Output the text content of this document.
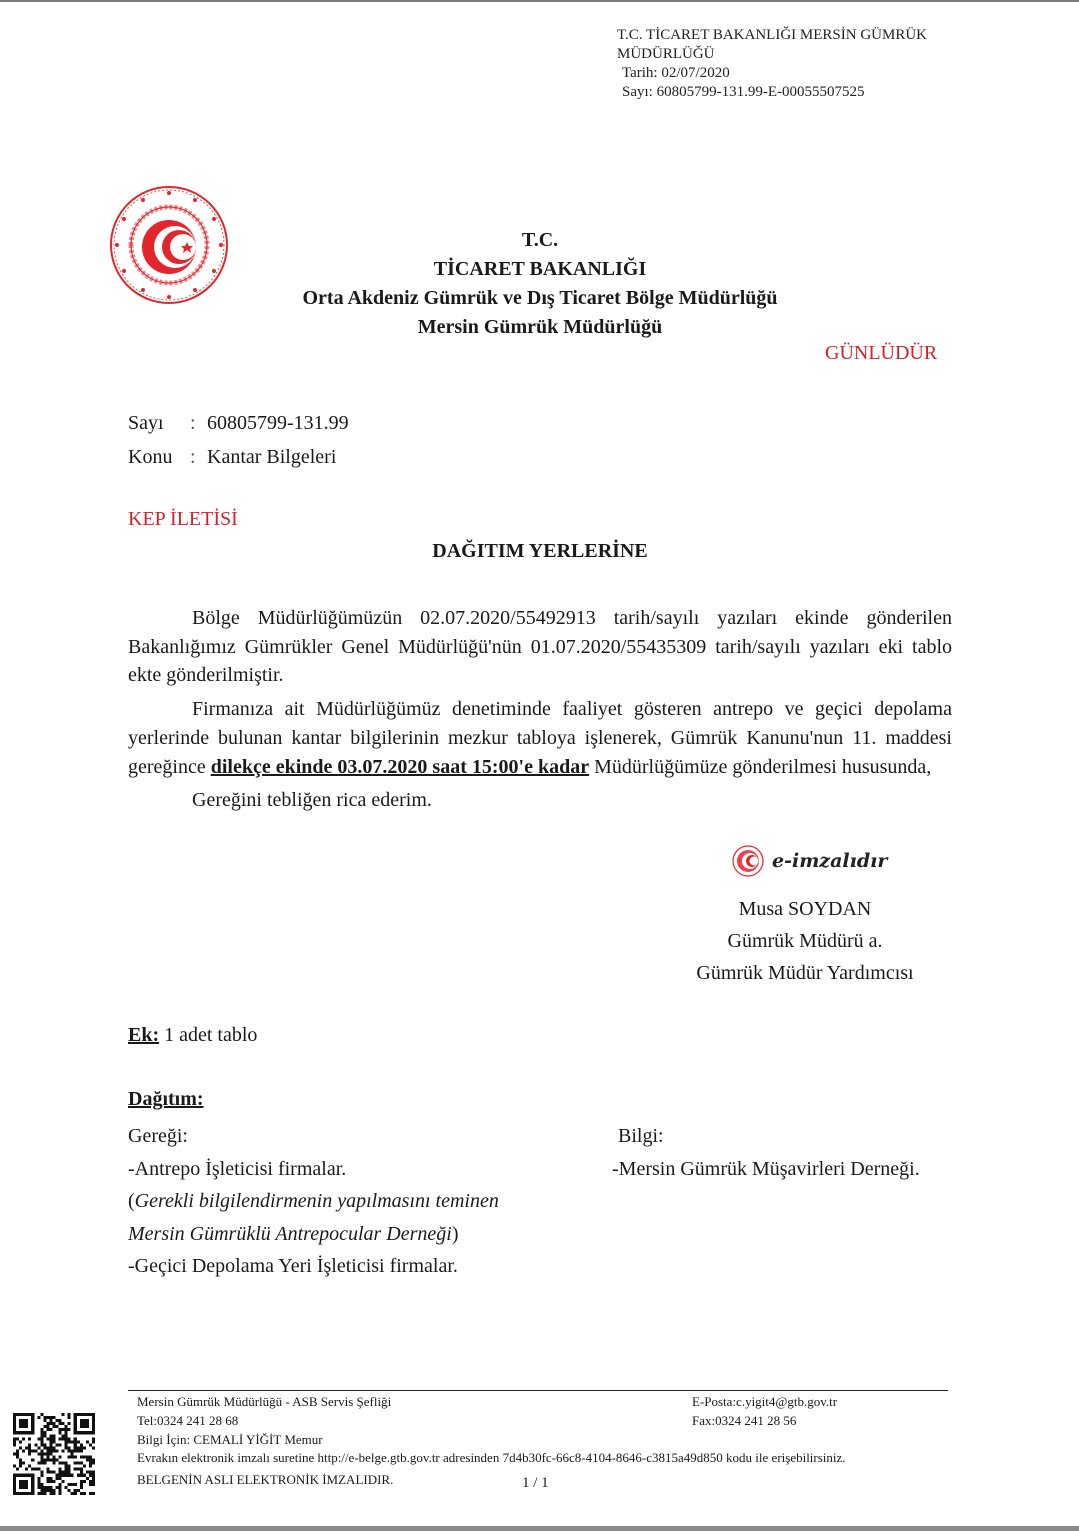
T.C. TİCARET BAKANLIĞI MERSİN GÜMRÜK
MÜDÜRLÜĞÜ
Tarih: 02/07/2020
Sayı: 60805799-131.99-E-00055507525
T.C.
TİCARET BAKANLIĞI
Orta Akdeniz Gümrük ve Dış Ticaret Bölge Müdürlüğü
Mersin Gümrük Müdürlüğü
GÜNLÜDÜR
Sayı : 60805799-131.99
Konu : Kantar Bilgeleri
KEP İLETİSİ
DAĞITIM YERLERİNE

Bölge Müdürlüğümüzün 02.07.2020/55492913 tarih/sayılı yazıları ekinde gönderilen Bakanlığımız Gümrükler Genel Müdürlüğü'nün 01.07.2020/55435309 tarih/sayılı yazıları eki tablo ekte gönderilmiştir.

Firmanıza ait Müdürlüğümüz denetiminde faaliyet gösteren antrepo ve geçici depolama yerlerinde bulunan kantar bilgilerinin mezkur tabloya işlenerek, Gümrük Kanunu'nun 11. maddesi gereğince dilekçe ekinde 03.07.2020 saat 15:00'e kadar Müdürlüğümüze gönderilmesi hususunda,

Gereğini tebliğen rica ederim.

e-imzalıdır
Musa SOYDAN
Gümrük Müdürü a.
Gümrük Müdür Yardımcısı
Ek: 1 adet tablo
Dağıtım:
Gereği:
-Antrepo İşleticisi firmalar.
(Gerekli bilgilendirmenin yapılmasını teminen
Mersin Gümrüklü Antrepocular Derneği)
-Geçici Depolama Yeri İşleticisi firmalar.
Bilgi:
-Mersin Gümrük Müşavirleri Derneği.
Mersin Gümrük Müdürlüğü - ASB Servis Şefliği
Tel:0324 241 28 68
Bilgi İçin: CEMALİ YİĞİT Memur
E-Posta:c.yigit4@gtb.gov.tr
Fax:0324 241 28 56
Evrakın elektronik imzalı suretine http://e-belge.gtb.gov.tr adresinden 7d4b30fc-66c8-4104-8646-c3815a49d850 kodu ile erişebilirsiniz.
BELGENİN ASLI ELEKTRONİK İMZALIDIR.	1 / 1
